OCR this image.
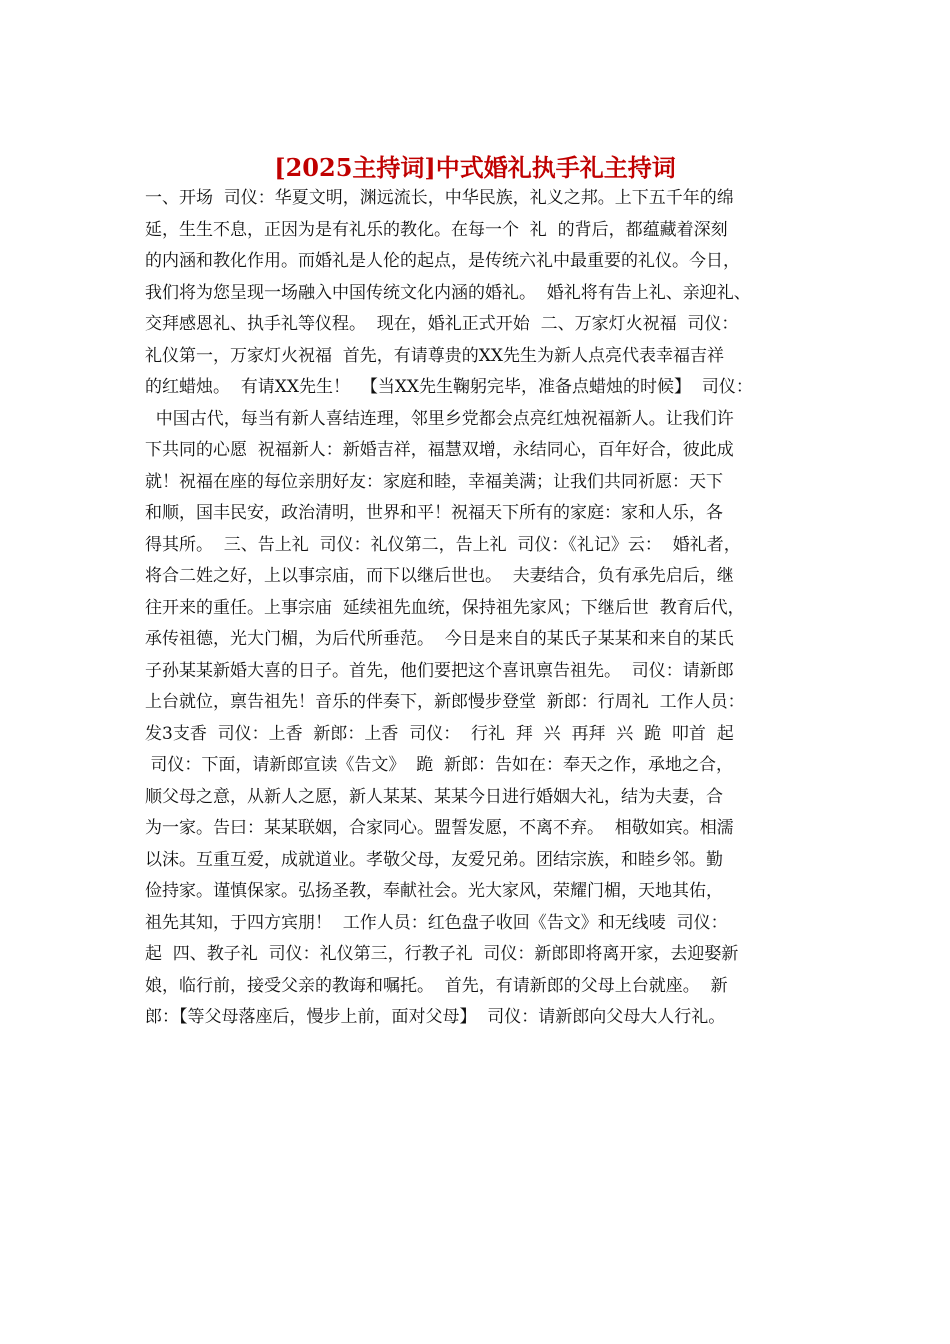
[2025主持词]中式婚礼执手礼主持词
一、开场  司仪：华夏文明，渊远流长，中华民族，礼义之邦。上下五千年的绵
延，生生不息，正因为是有礼乐的教化。在每一个  礼  的背后，都蕴藏着深刻
的内涵和教化作用。而婚礼是人伦的起点，是传统六礼中最重要的礼仪。今日，
我们将为您呈现一场融入中国传统文化内涵的婚礼。  婚礼将有告上礼、亲迎礼、
交拜感恩礼、执手礼等仪程。  现在，婚礼正式开始  二、万家灯火祝福  司仪：
礼仪第一，万家灯火祝福  首先，有请尊贵的XX先生为新人点亮代表幸福吉祥
的红蜡烛。  有请XX先生！  【当XX先生鞠躬完毕，准备点蜡烛的时候】  司仪：
中国古代，每当有新人喜结连理，邻里乡党都会点亮红烛祝福新人。让我们许
下共同的心愿  祝福新人：新婚吉祥，福慧双增，永结同心，百年好合，彼此成
就！祝福在座的每位亲朋好友：家庭和睦，幸福美满；让我们共同祈愿：天下
和顺，国丰民安，政治清明，世界和平！祝福天下所有的家庭：家和人乐，各
得其所。  三、告上礼  司仪：礼仪第二，告上礼  司仪：《礼记》云：  婚礼者，
将合二姓之好，上以事宗庙，而下以继后世也。  夫妻结合，负有承先启后，继
往开来的重任。上事宗庙  延续祖先血统，保持祖先家风；下继后世  教育后代，
承传祖德，光大门楣，为后代所垂范。  今日是来自的某氏子某某和来自的某氏
子孙某某新婚大喜的日子。首先，他们要把这个喜讯禀告祖先。  司仪：请新郎
上台就位，禀告祖先！音乐的伴奏下，新郎慢步登堂  新郎：行周礼  工作人员：
发3支香  司仪：上香  新郎：上香  司仪：  行礼  拜  兴  再拜  兴  跪  叩首  起
司仪：下面，请新郎宣读《告文》  跪  新郎：告如在：奉天之作，承地之合，
顺父母之意，从新人之愿，新人某某、某某今日进行婚姻大礼，结为夫妻，合
为一家。告曰：某某联姻，合家同心。盟誓发愿，不离不弃。  相敬如宾。相濡
以沫。互重互爱，成就道业。孝敬父母，友爱兄弟。团结宗族，和睦乡邻。勤
俭持家。谨慎保家。弘扬圣教，奉献社会。光大家风，荣耀门楣，天地其佑，
祖先其知，于四方宾朋！  工作人员：红色盘子收回《告文》和无线唛  司仪：
起  四、教子礼  司仪：礼仪第三，行教子礼  司仪：新郎即将离开家，去迎娶新
娘，临行前，接受父亲的教诲和嘱托。  首先，有请新郎的父母上台就座。  新
郎：【等父母落座后，慢步上前，面对父母】  司仪：请新郎向父母大人行礼。
